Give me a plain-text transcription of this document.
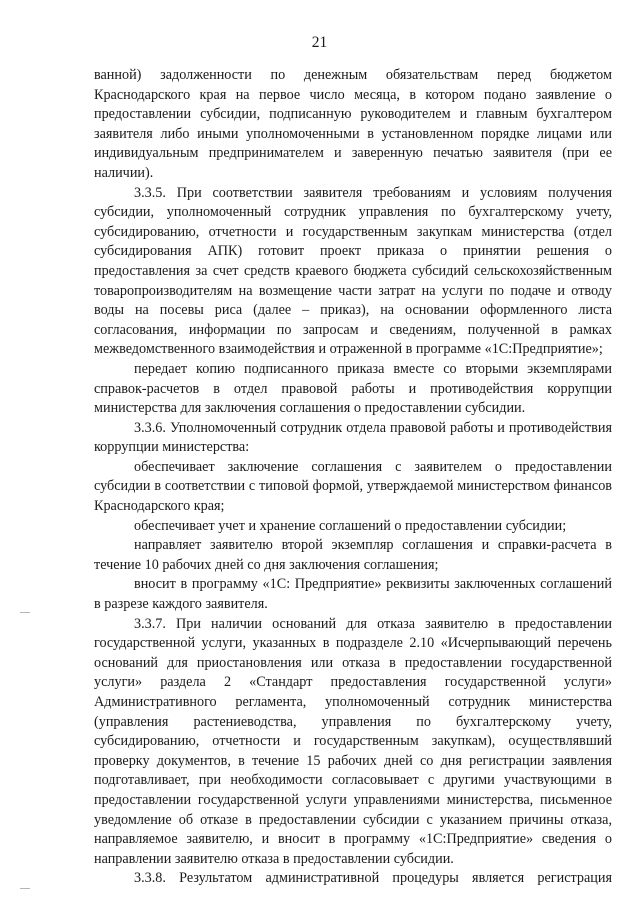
21

ванной) задолженности по денежным обязательствам перед бюджетом Краснодарского края на первое число месяца, в котором подано заявление о предоставлении субсидии, подписанную руководителем и главным бухгалтером заявителя либо иными уполномоченными в установленном порядке лицами или индивидуальным предпринимателем и заверенную печатью заявителя (при ее наличии).

3.3.5. При соответствии заявителя требованиям и условиям получения субсидии, уполномоченный сотрудник управления по бухгалтерскому учету, субсидированию, отчетности и государственным закупкам министерства (отдел субсидирования АПК) готовит проект приказа о принятии решения о предоставления за счет средств краевого бюджета субсидий сельскохозяйственным товаропроизводителям на возмещение части затрат на услуги по подаче и отводу воды на посевы риса (далее – приказ), на основании оформленного листа согласования, информации по запросам и сведениям, полученной в рамках межведомственного взаимодействия и отраженной в программе «1С:Предприятие»;

передает копию подписанного приказа вместе со вторыми экземплярами справок-расчетов в отдел правовой работы и противодействия коррупции министерства для заключения соглашения о предоставлении субсидии.

3.3.6. Уполномоченный сотрудник отдела правовой работы и противодействия коррупции министерства:

обеспечивает заключение соглашения с заявителем о предоставлении субсидии в соответствии с типовой формой, утверждаемой министерством финансов Краснодарского края;

обеспечивает учет и хранение соглашений о предоставлении субсидии;

направляет заявителю второй экземпляр соглашения и справки-расчета в течение 10 рабочих дней со дня заключения соглашения;

вносит в программу «1С: Предприятие» реквизиты заключенных соглашений в разрезе каждого заявителя.

3.3.7. При наличии оснований для отказа заявителю в предоставлении государственной услуги, указанных в подразделе 2.10 «Исчерпывающий перечень оснований для приостановления или отказа в предоставлении государственной услуги» раздела 2 «Стандарт предоставления государственной услуги» Административного регламента, уполномоченный сотрудник министерства (управления растениеводства, управления по бухгалтерскому учету, субсидированию, отчетности и государственным закупкам), осуществлявший проверку документов, в течение 15 рабочих дней со дня регистрации заявления подготавливает, при необходимости согласовывает с другими участвующими в предоставлении государственной услуги управлениями министерства, письменное уведомление об отказе в предоставлении субсидии с указанием причины отказа, направляемое заявителю, и вносит в программу «1С:Предприятие» сведения о направлении заявителю отказа в предоставлении субсидии.

3.3.8. Результатом административной процедуры является регистрация
